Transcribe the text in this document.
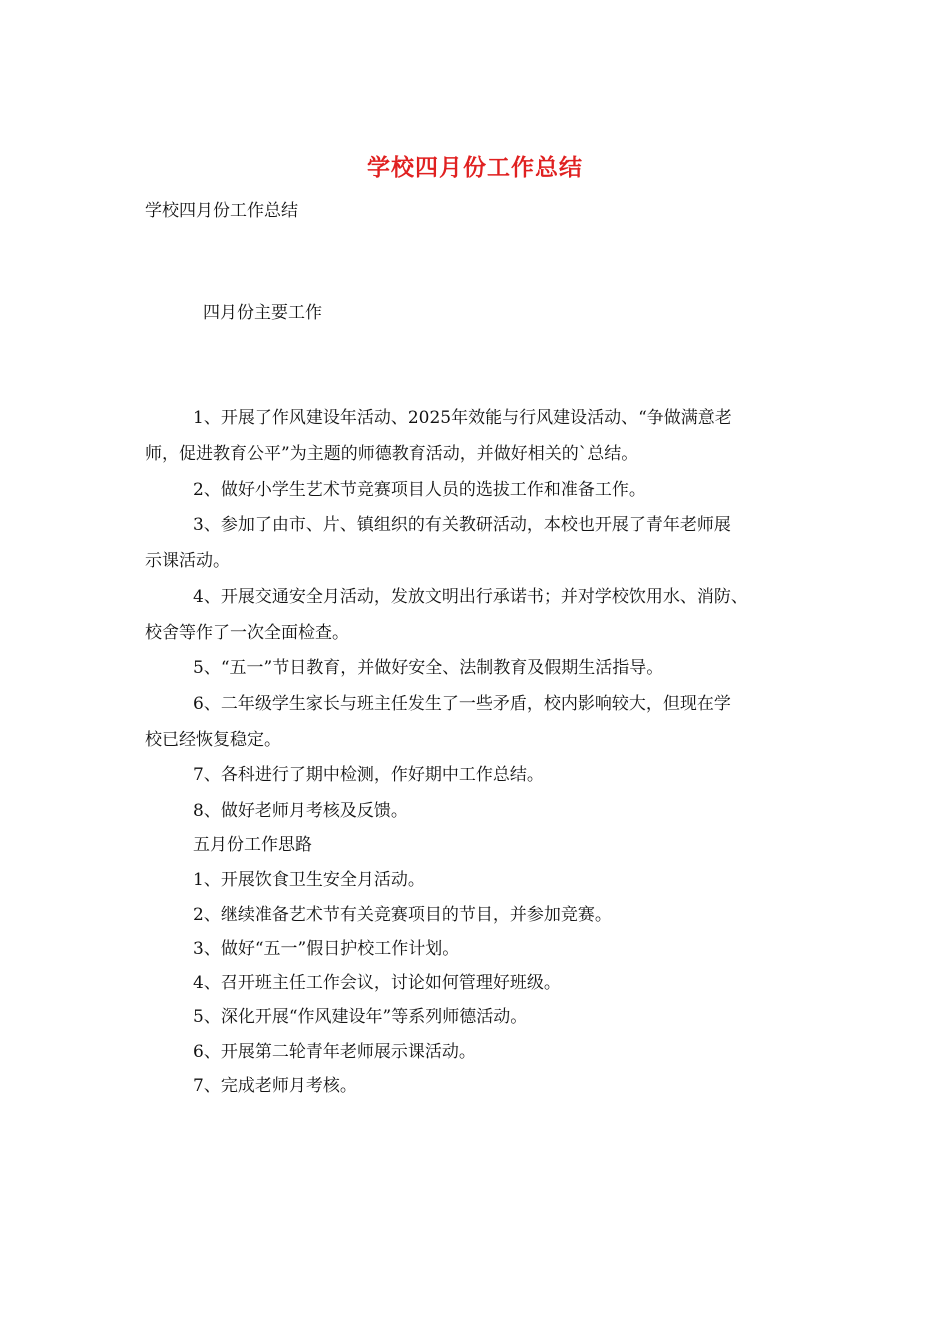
学校四月份工作总结
学校四月份工作总结
四月份主要工作
1、开展了作风建设年活动、2025年效能与行风建设活动、“争做满意老
师，促进教育公平”为主题的师德教育活动，并做好相关的`总结。
2、做好小学生艺术节竞赛项目人员的选拔工作和准备工作。
3、参加了由市、片、镇组织的有关教研活动，本校也开展了青年老师展
示课活动。
4、开展交通安全月活动，发放文明出行承诺书；并对学校饮用水、消防、
校舍等作了一次全面检查。
5、“五一”节日教育，并做好安全、法制教育及假期生活指导。
6、二年级学生家长与班主任发生了一些矛盾，校内影响较大，但现在学
校已经恢复稳定。
7、各科进行了期中检测，作好期中工作总结。
8、做好老师月考核及反馈。
五月份工作思路
1、开展饮食卫生安全月活动。
2、继续准备艺术节有关竞赛项目的节目，并参加竞赛。
3、做好“五一”假日护校工作计划。
4、召开班主任工作会议，讨论如何管理好班级。
5、深化开展“作风建设年”等系列师德活动。
6、开展第二轮青年老师展示课活动。
7、完成老师月考核。
